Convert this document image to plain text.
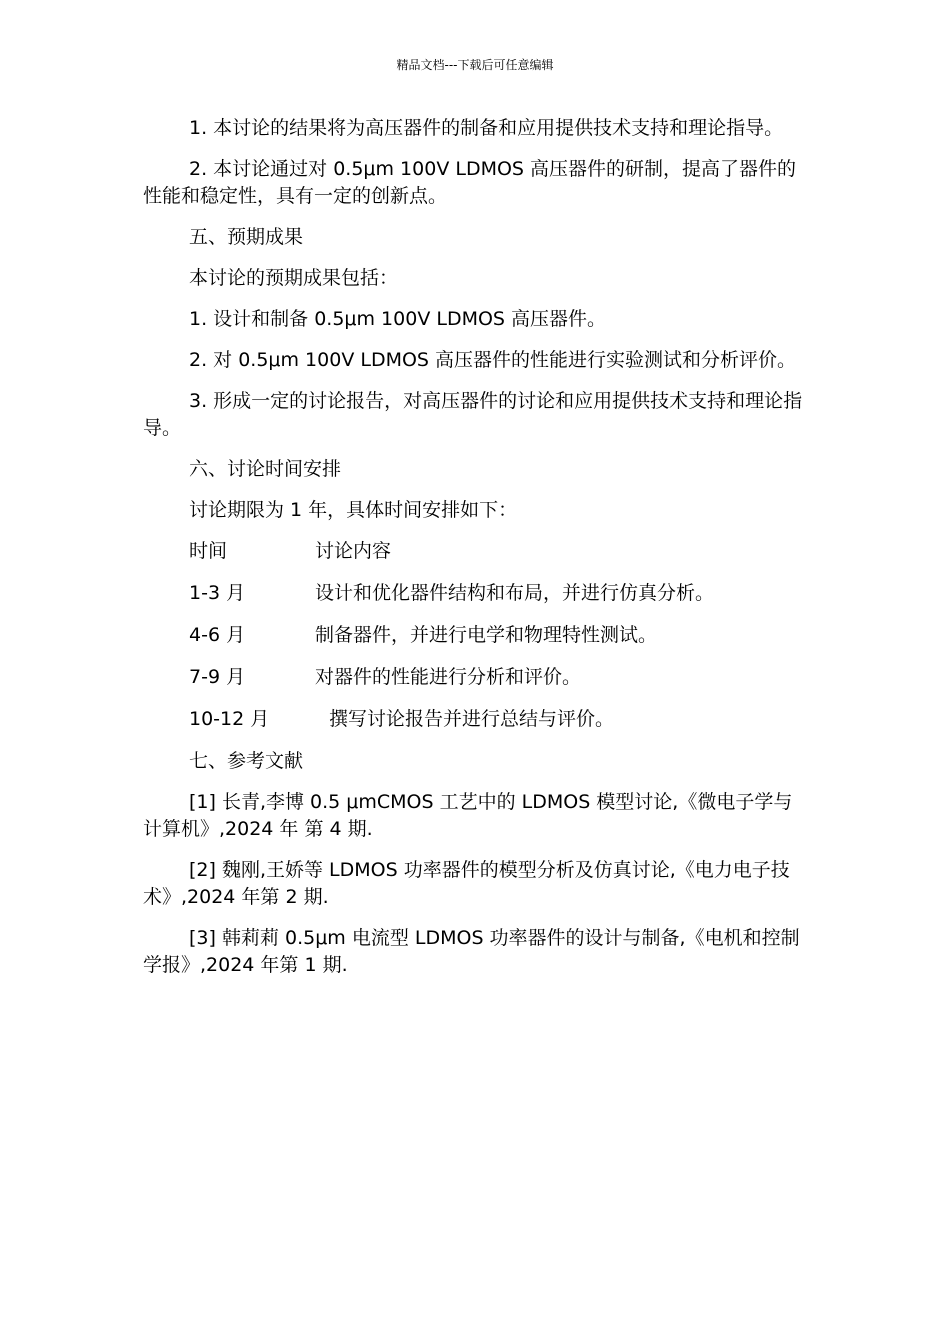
精品文档---下载后可任意编辑

1. 本讨论的结果将为高压器件的制备和应用提供技术支持和理论指导。

2. 本讨论通过对 0.5μm 100V LDMOS 高压器件的研制，提高了器件的性能和稳定性，具有一定的创新点。

五、预期成果

本讨论的预期成果包括：

1. 设计和制备 0.5μm 100V LDMOS 高压器件。

2. 对 0.5μm 100V LDMOS 高压器件的性能进行实验测试和分析评价。

3. 形成一定的讨论报告，对高压器件的讨论和应用提供技术支持和理论指导。

六、讨论时间安排

讨论期限为 1 年，具体时间安排如下：

时间	讨论内容
1-3 月	设计和优化器件结构和布局，并进行仿真分析。
4-6 月	制备器件，并进行电学和物理特性测试。
7-9 月	对器件的性能进行分析和评价。
10-12 月	撰写讨论报告并进行总结与评价。

七、参考文献

[1] 长青,李博 0.5 μmCMOS 工艺中的 LDMOS 模型讨论,《微电子学与计算机》,2024 年 第 4 期.

[2] 魏刚,王娇等 LDMOS 功率器件的模型分析及仿真讨论,《电力电子技术》,2024 年第 2 期.

[3] 韩莉莉 0.5μm 电流型 LDMOS 功率器件的设计与制备,《电机和控制学报》,2024 年第 1 期.
